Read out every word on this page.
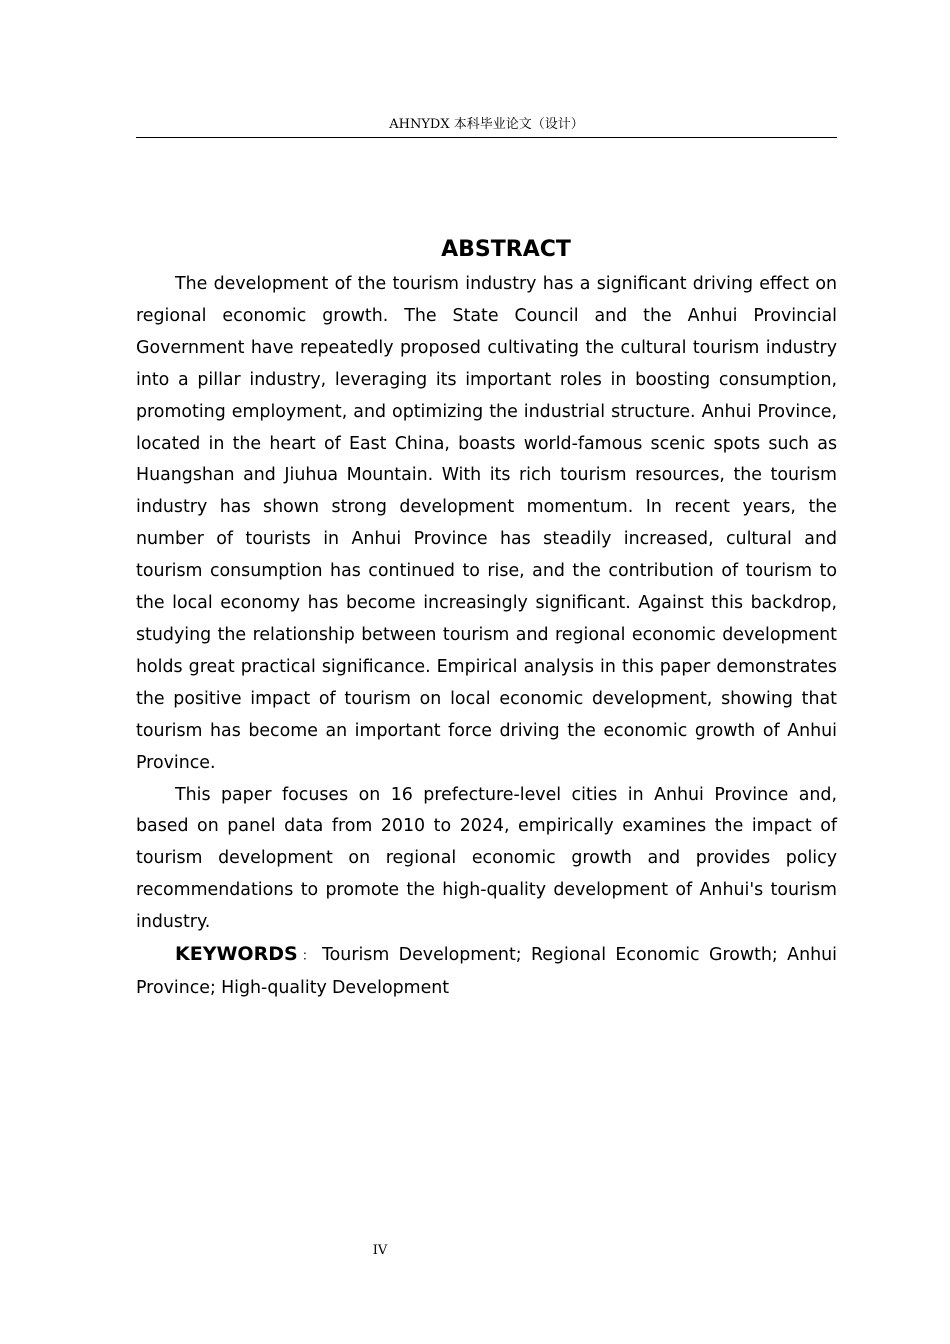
AHNYDX 本科毕业论文（设计）
ABSTRACT

The development of the tourism industry has a significant driving effect on regional economic growth. The State Council and the Anhui Provincial Government have repeatedly proposed cultivating the cultural tourism industry into a pillar industry, leveraging its important roles in boosting consumption, promoting employment, and optimizing the industrial structure. Anhui Province, located in the heart of East China, boasts world-famous scenic spots such as Huangshan and Jiuhua Mountain. With its rich tourism resources, the tourism industry has shown strong development momentum. In recent years, the number of tourists in Anhui Province has steadily increased, cultural and tourism consumption has continued to rise, and the contribution of tourism to the local economy has become increasingly significant. Against this backdrop, studying the relationship between tourism and regional economic development holds great practical significance. Empirical analysis in this paper demonstrates the positive impact of tourism on local economic development, showing that tourism has become an important force driving the economic growth of Anhui Province.

This paper focuses on 16 prefecture-level cities in Anhui Province and, based on panel data from 2010 to 2024, empirically examines the impact of tourism development on regional economic growth and provides policy recommendations to promote the high-quality development of Anhui's tourism industry.

KEYWORDS： Tourism Development; Regional Economic Growth; Anhui Province; High-quality Development

IV
